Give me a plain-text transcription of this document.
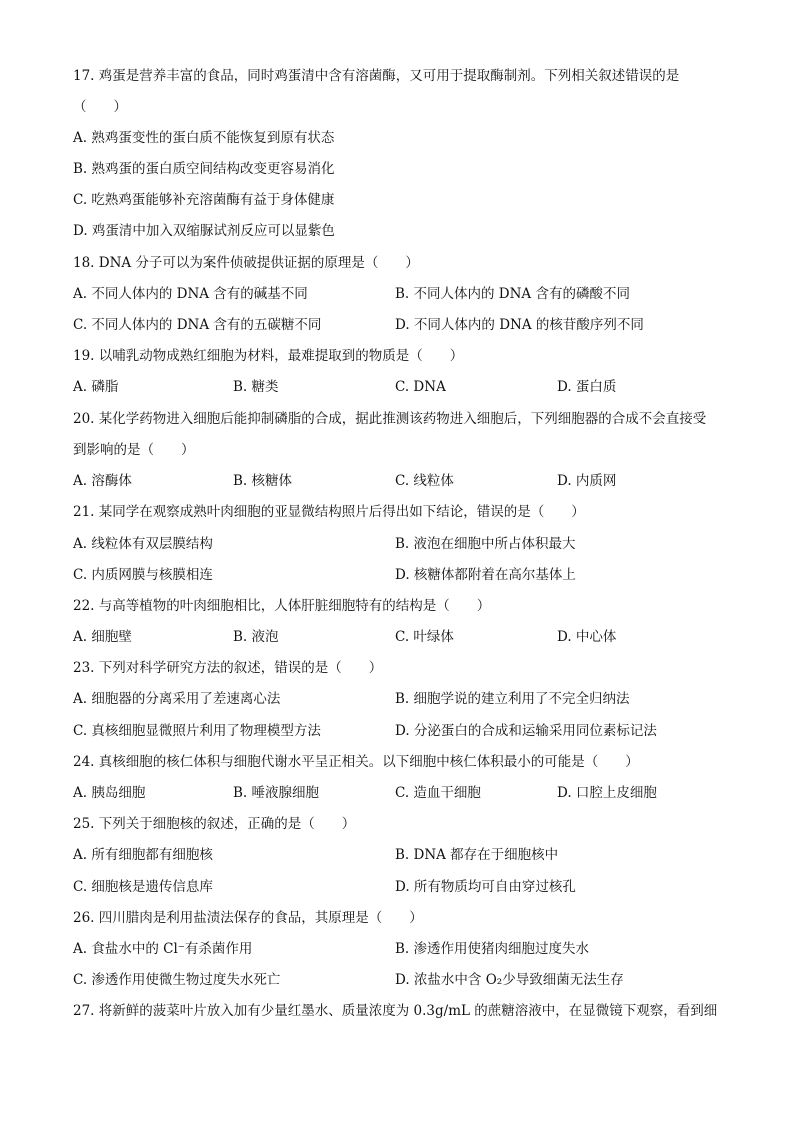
17. 鸡蛋是营养丰富的食品，同时鸡蛋清中含有溶菌酶，又可用于提取酶制剂。下列相关叙述错误的是
（　　）
A. 熟鸡蛋变性的蛋白质不能恢复到原有状态
B. 熟鸡蛋的蛋白质空间结构改变更容易消化
C. 吃熟鸡蛋能够补充溶菌酶有益于身体健康
D. 鸡蛋清中加入双缩脲试剂反应可以显紫色
18. DNA 分子可以为案件侦破提供证据的原理是（　　）
A. 不同人体内的 DNA 含有的碱基不同	B. 不同人体内的 DNA 含有的磷酸不同
C. 不同人体内的 DNA 含有的五碳糖不同	D. 不同人体内的 DNA 的核苷酸序列不同
19. 以哺乳动物成熟红细胞为材料，最难提取到的物质是（　　）
A. 磷脂	B. 糖类	C. DNA	D. 蛋白质
20. 某化学药物进入细胞后能抑制磷脂的合成，据此推测该药物进入细胞后，下列细胞器的合成不会直接受
到影响的是（　　）
A. 溶酶体	B. 核糖体	C. 线粒体	D. 内质网
21. 某同学在观察成熟叶肉细胞的亚显微结构照片后得出如下结论，错误的是（　　）
A. 线粒体有双层膜结构	B. 液泡在细胞中所占体积最大
C. 内质网膜与核膜相连	D. 核糖体都附着在高尔基体上
22. 与高等植物的叶肉细胞相比，人体肝脏细胞特有的结构是（　　）
A. 细胞壁	B. 液泡	C. 叶绿体	D. 中心体
23. 下列对科学研究方法的叙述，错误的是（　　）
A. 细胞器的分离采用了差速离心法	B. 细胞学说的建立利用了不完全归纳法
C. 真核细胞显微照片利用了物理模型方法	D. 分泌蛋白的合成和运输采用同位素标记法
24. 真核细胞的核仁体积与细胞代谢水平呈正相关。以下细胞中核仁体积最小的可能是（　　）
A. 胰岛细胞	B. 唾液腺细胞	C. 造血干细胞	D. 口腔上皮细胞
25. 下列关于细胞核的叙述，正确的是（　　）
A. 所有细胞都有细胞核	B. DNA 都存在于细胞核中
C. 细胞核是遗传信息库	D. 所有物质均可自由穿过核孔
26. 四川腊肉是利用盐渍法保存的食品，其原理是（　　）
A. 食盐水中的 Cl⁻有杀菌作用	B. 渗透作用使猪肉细胞过度失水
C. 渗透作用使微生物过度失水死亡	D. 浓盐水中含 O₂少导致细菌无法生存
27. 将新鲜的菠菜叶片放入加有少量红墨水、质量浓度为 0.3g/mL 的蔗糖溶液中，在显微镜下观察，看到细
